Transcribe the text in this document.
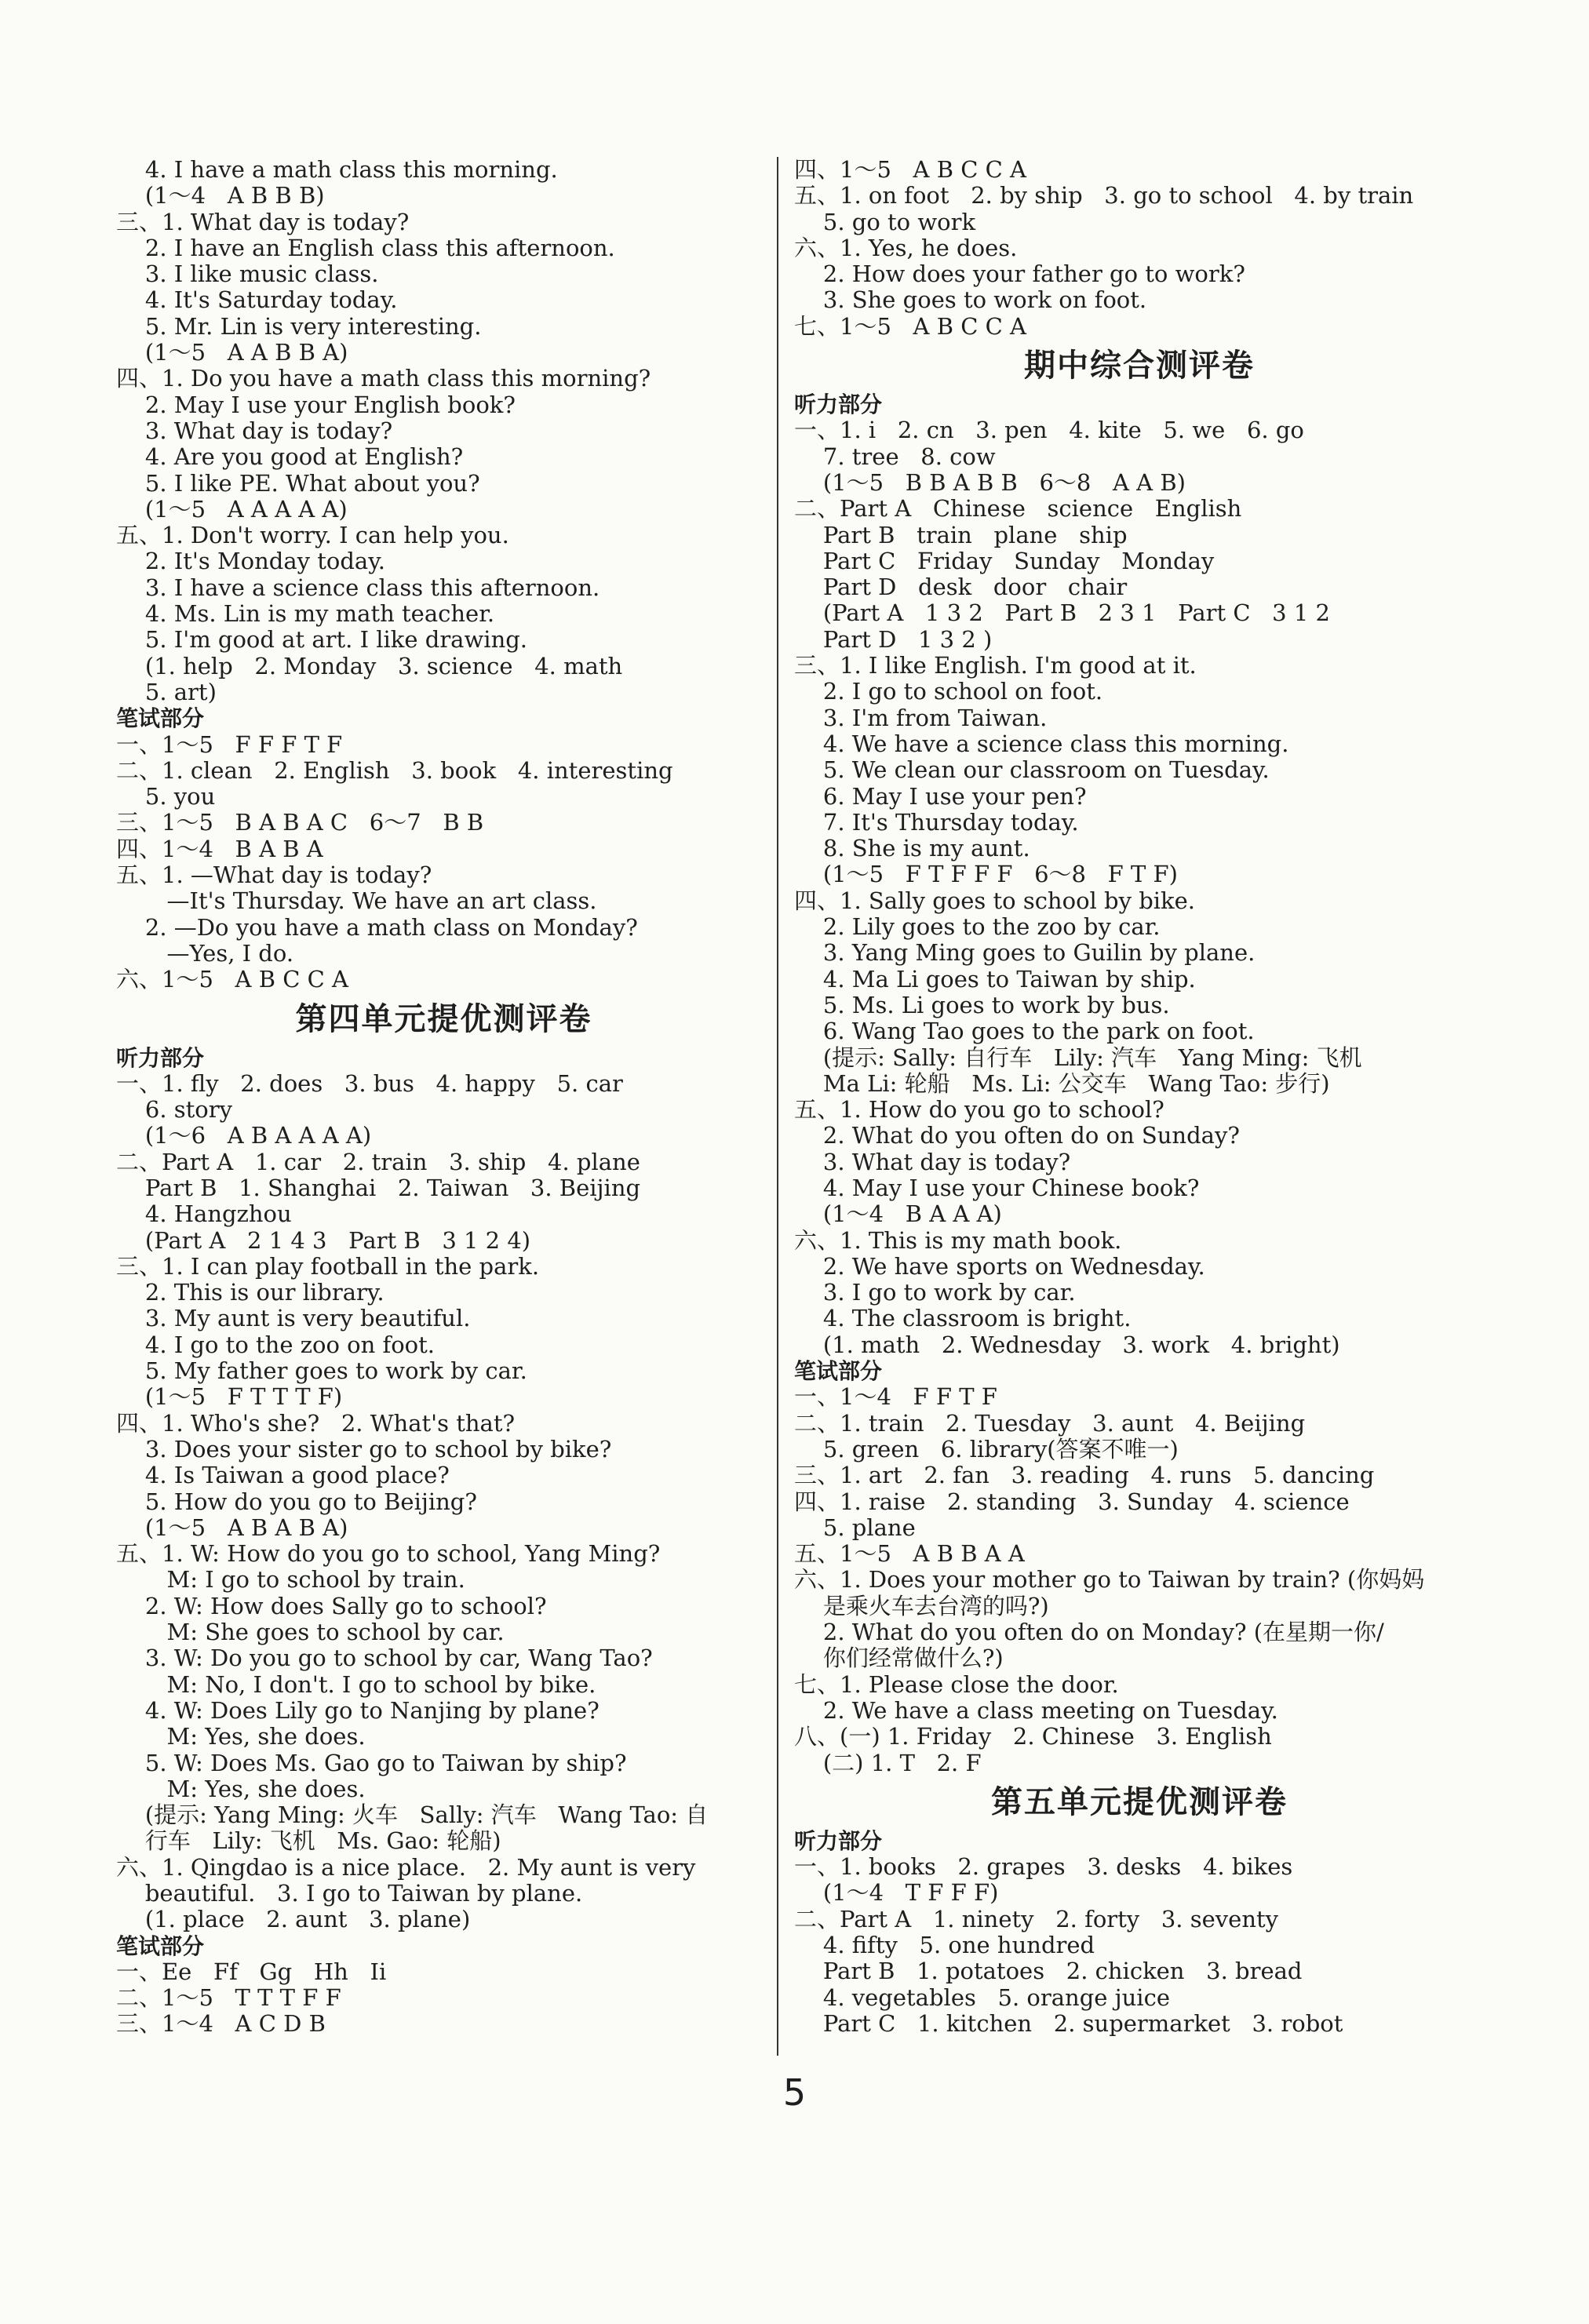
4. I have a math class this morning.
(1～4   A B B B)
三、1. What day is today?
2. I have an English class this afternoon.
3. I like music class.
4. It's Saturday today.
5. Mr. Lin is very interesting.
(1～5   A A B B A)
四、1. Do you have a math class this morning?
2. May I use your English book?
3. What day is today?
4. Are you good at English?
5. I like PE. What about you?
(1～5   A A A A A)
五、1. Don't worry. I can help you.
2. It's Monday today.
3. I have a science class this afternoon.
4. Ms. Lin is my math teacher.
5. I'm good at art. I like drawing.
(1. help   2. Monday   3. science   4. math
5. art)
笔试部分
一、1～5   F F F T F
二、1. clean   2. English   3. book   4. interesting
5. you
三、1～5   B A B A C   6～7   B B
四、1～4   B A B A
五、1. —What day is today?
—It's Thursday. We have an art class.
2. —Do you have a math class on Monday?
—Yes, I do.
六、1～5   A B C C A
第四单元提优测评卷
听力部分
一、1. fly   2. does   3. bus   4. happy   5. car
6. story
(1～6   A B A A A A)
二、Part A   1. car   2. train   3. ship   4. plane
Part B   1. Shanghai   2. Taiwan   3. Beijing
4. Hangzhou
(Part A   2 1 4 3   Part B   3 1 2 4)
三、1. I can play football in the park.
2. This is our library.
3. My aunt is very beautiful.
4. I go to the zoo on foot.
5. My father goes to work by car.
(1～5   F T T T F)
四、1. Who's she?   2. What's that?
3. Does your sister go to school by bike?
4. Is Taiwan a good place?
5. How do you go to Beijing?
(1～5   A B A B A)
五、1. W: How do you go to school, Yang Ming?
M: I go to school by train.
2. W: How does Sally go to school?
M: She goes to school by car.
3. W: Do you go to school by car, Wang Tao?
M: No, I don't. I go to school by bike.
4. W: Does Lily go to Nanjing by plane?
M: Yes, she does.
5. W: Does Ms. Gao go to Taiwan by ship?
M: Yes, she does.
(提示: Yang Ming: 火车   Sally: 汽车   Wang Tao: 自
行车   Lily: 飞机   Ms. Gao: 轮船)
六、1. Qingdao is a nice place.   2. My aunt is very
beautiful.   3. I go to Taiwan by plane.
(1. place   2. aunt   3. plane)
笔试部分
一、Ee   Ff   Gg   Hh   Ii
二、1～5   T T T F F
三、1～4   A C D B
四、1～5   A B C C A
五、1. on foot   2. by ship   3. go to school   4. by train
5. go to work
六、1. Yes, he does.
2. How does your father go to work?
3. She goes to work on foot.
七、1～5   A B C C A
期中综合测评卷
听力部分
一、1. i   2. cn   3. pen   4. kite   5. we   6. go
7. tree   8. cow
(1～5   B B A B B   6～8   A A B)
二、Part A   Chinese   science   English
Part B   train   plane   ship
Part C   Friday   Sunday   Monday
Part D   desk   door   chair
(Part A   1 3 2   Part B   2 3 1   Part C   3 1 2
Part D   1 3 2 )
三、1. I like English. I'm good at it.
2. I go to school on foot.
3. I'm from Taiwan.
4. We have a science class this morning.
5. We clean our classroom on Tuesday.
6. May I use your pen?
7. It's Thursday today.
8. She is my aunt.
(1～5   F T F F F   6～8   F T F)
四、1. Sally goes to school by bike.
2. Lily goes to the zoo by car.
3. Yang Ming goes to Guilin by plane.
4. Ma Li goes to Taiwan by ship.
5. Ms. Li goes to work by bus.
6. Wang Tao goes to the park on foot.
(提示: Sally: 自行车   Lily: 汽车   Yang Ming: 飞机
Ma Li: 轮船   Ms. Li: 公交车   Wang Tao: 步行)
五、1. How do you go to school?
2. What do you often do on Sunday?
3. What day is today?
4. May I use your Chinese book?
(1～4   B A A A)
六、1. This is my math book.
2. We have sports on Wednesday.
3. I go to work by car.
4. The classroom is bright.
(1. math   2. Wednesday   3. work   4. bright)
笔试部分
一、1～4   F F T F
二、1. train   2. Tuesday   3. aunt   4. Beijing
5. green   6. library(答案不唯一)
三、1. art   2. fan   3. reading   4. runs   5. dancing
四、1. raise   2. standing   3. Sunday   4. science
5. plane
五、1～5   A B B A A
六、1. Does your mother go to Taiwan by train? (你妈妈
是乘火车去台湾的吗?)
2. What do you often do on Monday? (在星期一你/
你们经常做什么?)
七、1. Please close the door.
2. We have a class meeting on Tuesday.
八、(一) 1. Friday   2. Chinese   3. English
(二) 1. T   2. F
第五单元提优测评卷
听力部分
一、1. books   2. grapes   3. desks   4. bikes
(1～4   T F F F)
二、Part A   1. ninety   2. forty   3. seventy
4. fifty   5. one hundred
Part B   1. potatoes   2. chicken   3. bread
4. vegetables   5. orange juice
Part C   1. kitchen   2. supermarket   3. robot
5
